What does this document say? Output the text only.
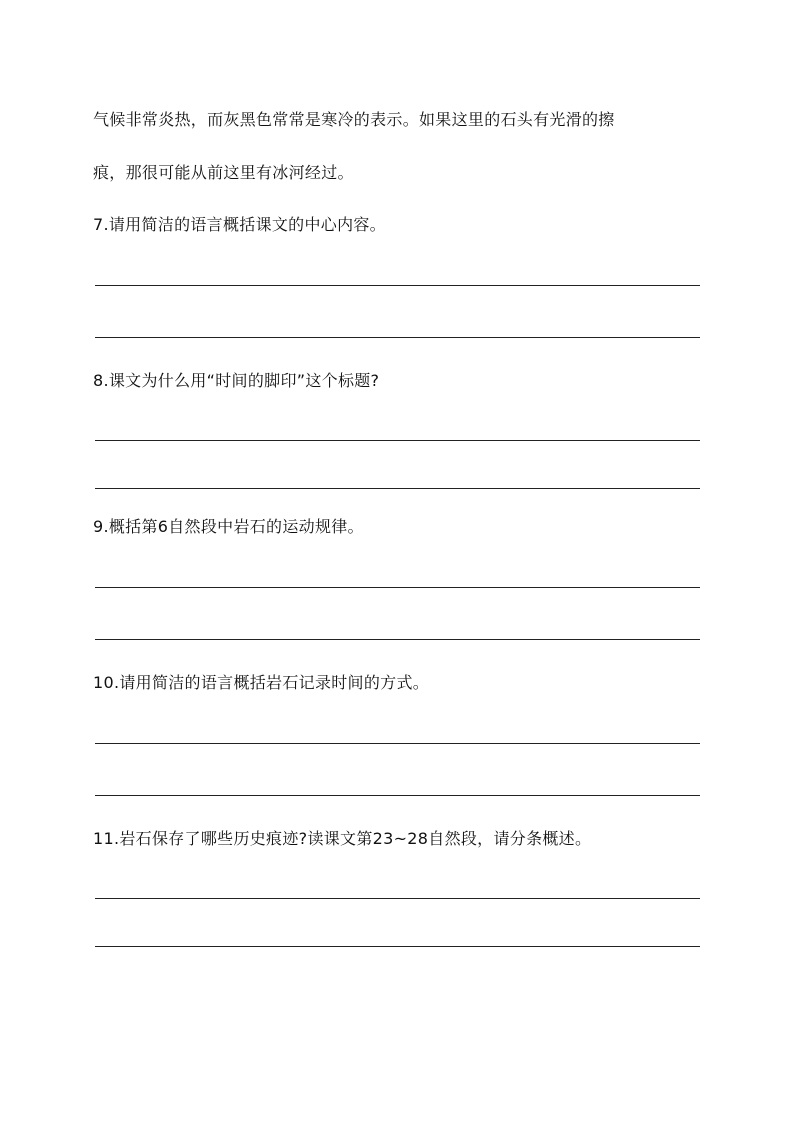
气候非常炎热，而灰黑色常常是寒冷的表示。如果这里的石头有光滑的擦
痕，那很可能从前这里有冰河经过。
7.请用简洁的语言概括课文的中心内容。
8.课文为什么用“时间的脚印”这个标题?
9.概括第6自然段中岩石的运动规律。
10.请用简洁的语言概括岩石记录时间的方式。
11.岩石保存了哪些历史痕迹?读课文第23~28自然段，请分条概述。
